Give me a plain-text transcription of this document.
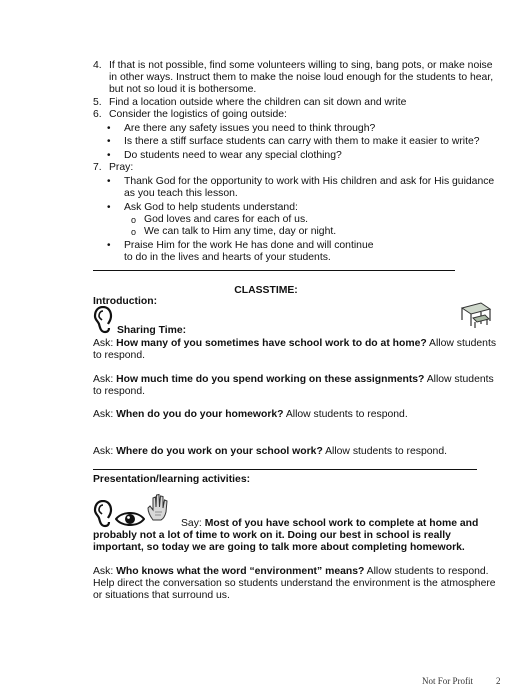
4. If that is not possible, find some volunteers willing to sing, bang pots, or make noise in other ways. Instruct them to make the noise loud enough for the students to hear, but not so loud it is bothersome.
5. Find a location outside where the children can sit down and write
6. Consider the logistics of going outside:
• Are there any safety issues you need to think through?
• Is there a stiff surface students can carry with them to make it easier to write?
• Do students need to wear any special clothing?
7. Pray:
• Thank God for the opportunity to work with His children and ask for His guidance as you teach this lesson.
• Ask God to help students understand:
o God loves and cares for each of us.
o We can talk to Him any time, day or night.
• Praise Him for the work He has done and will continue to do in the lives and hearts of your students.
CLASSTIME:
Introduction:
Sharing Time:
Ask: How many of you sometimes have school work to do at home? Allow students to respond.
Ask: How much time do you spend working on these assignments? Allow students to respond.
Ask: When do you do your homework? Allow students to respond.
Ask: Where do you work on your school work? Allow students to respond.
Presentation/learning activities:
Say: Most of you have school work to complete at home and probably not a lot of time to work on it. Doing our best in school is really important, so today we are going to talk more about completing homework.
Ask: Who knows what the word “environment” means? Allow students to respond. Help direct the conversation so students understand the environment is the atmosphere or situations that surround us.
Not For Profit	2
